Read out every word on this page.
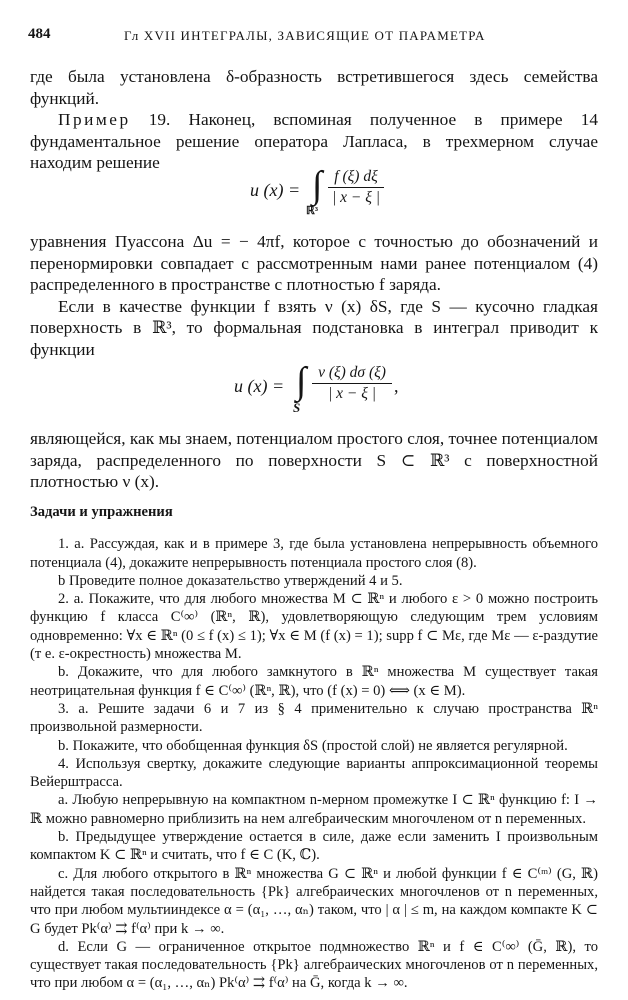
484	Гл XVII ИНТЕГРАЛЫ, ЗАВИСЯЩИЕ ОТ ПАРАМЕТРА

где была установлена δ-образность встретившегося здесь семейства функций.

Пример 19. Наконец, вспоминая полученное в примере 14 фундаментальное решение оператора Лапласа, в трехмерном случае находим решение

u (x) = ∫
ℝ³
$\frac{f (\xi) d\xi}{| x - \xi |}$

уравнения Пуассона Δu = − 4πf, которое с точностью до обозначений и перенормировки совпадает с рассмотренным нами ранее потенциалом (4) распределенного в пространстве с плотностью f заряда.

Если в качестве функции f взять ν (x) δS, где S — кусочно гладкая поверхность в ℝ³, то формальная подстановка в интеграл приводит к функции

u (x) = ∫
S
$\frac{\nu (\xi) d\sigma (\xi)}{| x - \xi |}$ ,

являющейся, как мы знаем, потенциалом простого слоя, точнее потенциалом заряда, распределенного по поверхности S ⊂ ℝ³ с поверхностной плотностью ν (x).

Задачи и упражнения

1. а. Рассуждая, как и в примере 3, где была установлена непрерывность объемного потенциала (4), докажите непрерывность потенциала простого слоя (8).

b Проведите полное доказательство утверждений 4 и 5.

2. а. Покажите, что для любого множества M ⊂ ℝⁿ и любого ε > 0 можно построить функцию f класса C⁽∞⁾ (ℝⁿ, ℝ), удовлетворяющую следующим трем условиям одновременно: ∀x ∈ ℝⁿ (0 ≤ f (x) ≤ 1); ∀x ∈ M (f (x) = 1); supp f ⊂ Mε, где Mε — ε-раздутие (т е. ε-окрестность) множества M.

b. Докажите, что для любого замкнутого в ℝⁿ множества M существует такая неотрицательная функция f ∈ C⁽∞⁾ (ℝⁿ, ℝ), что (f (x) = 0) ⟺ (x ∈ M).

3. а. Решите задачи 6 и 7 из § 4 применительно к случаю пространства ℝⁿ произвольной размерности.

b. Покажите, что обобщенная функция δS (простой слой) не является регулярной.

4. Используя свертку, докажите следующие варианты аппроксимационной теоремы Вейерштрасса.

а. Любую непрерывную на компактном n-мерном промежутке I ⊂ ℝⁿ функцию f: I → ℝ можно равномерно приблизить на нем алгебраическим многочленом от n переменных.

b. Предыдущее утверждение остается в силе, даже если заменить I произвольным компактом K ⊂ ℝⁿ и считать, что f ∈ C (K, ℂ).

с. Для любого открытого в ℝⁿ множества G ⊂ ℝⁿ и любой функции f ∈ C⁽ᵐ⁾ (G, ℝ) найдется такая последовательность {Pk} алгебраических многочленов от n переменных, что при любом мультииндексе α = (α₁, …, αₙ) таком, что | α | ≤ m, на каждом компакте K ⊂ G будет Pk⁽α⁾ ⇉ f⁽α⁾ при k → ∞.

d. Если G — ограниченное открытое подмножество ℝⁿ и f ∈ C⁽∞⁾ (Ḡ, ℝ), то существует такая последовательность {Pk} алгебраических многочленов от n переменных, что при любом α = (α₁, …, αₙ) Pk⁽α⁾ ⇉ f⁽α⁾ на Ḡ, когда k → ∞.
